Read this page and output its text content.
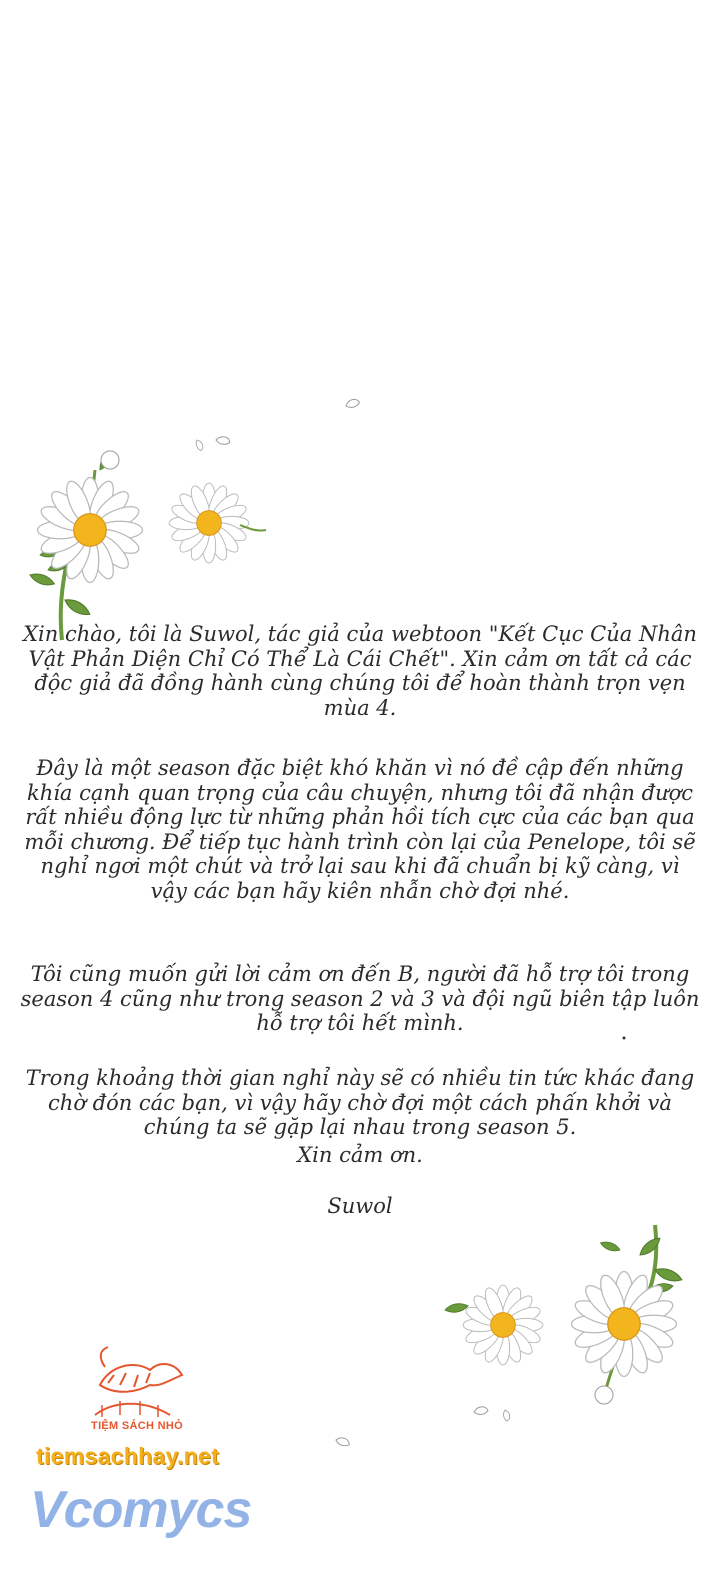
Xin chào, tôi là Suwol, tác giả của webtoon "Kết Cục Của Nhân Vật Phản Diện Chỉ Có Thể Là Cái Chết". Xin cảm ơn tất cả các độc giả đã đồng hành cùng chúng tôi để hoàn thành trọn vẹn mùa 4.

Đây là một season đặc biệt khó khăn vì nó đề cập đến những khía cạnh quan trọng của câu chuyện, nhưng tôi đã nhận được rất nhiều động lực từ những phản hồi tích cực của các bạn qua mỗi chương. Để tiếp tục hành trình còn lại của Penelope, tôi sẽ nghỉ ngơi một chút và trở lại sau khi đã chuẩn bị kỹ càng, vì vậy các bạn hãy kiên nhẫn chờ đợi nhé.

Tôi cũng muốn gửi lời cảm ơn đến B, người đã hỗ trợ tôi trong season 4 cũng như trong season 2 và 3 và đội ngũ biên tập luôn hỗ trợ tôi hết mình.

Trong khoảng thời gian nghỉ này sẽ có nhiều tin tức khác đang chờ đón các bạn, vì vậy hãy chờ đợi một cách phấn khởi và chúng ta sẽ gặp lại nhau trong season 5.

Xin cảm ơn.

Suwol

TIỆM SÁCH NHỎ
tiemsachhay.net
Vcomycs
